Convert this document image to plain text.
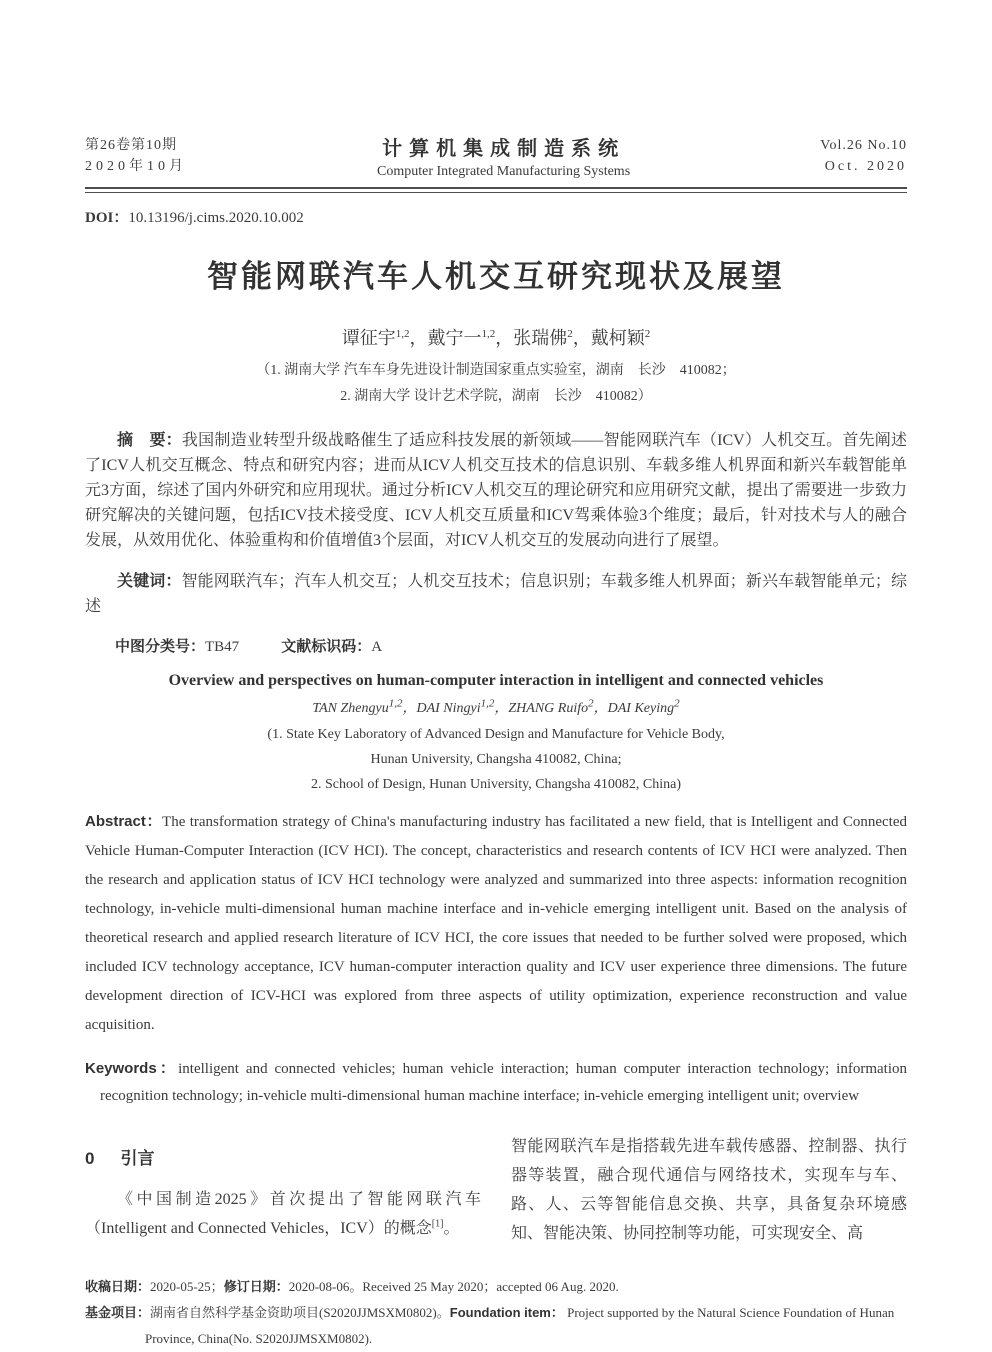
第26卷第10期
2020年10月
计算机集成制造系统
Computer Integrated Manufacturing Systems
Vol.26 No.10
Oct. 2020
DOI：10.13196/j.cims.2020.10.002
智能网联汽车人机交互研究现状及展望
谭征宇$^{1,2}$，戴宁一$^{1,2}$，张瑞佛$^2$，戴柯颖$^2$
（1. 湖南大学 汽车车身先进设计制造国家重点实验室，湖南　长沙　410082；
2. 湖南大学 设计艺术学院，湖南　长沙　410082）

摘　要：我国制造业转型升级战略催生了适应科技发展的新领域——智能网联汽车（ICV）人机交互。首先阐述了ICV人机交互概念、特点和研究内容；进而从ICV人机交互技术的信息识别、车载多维人机界面和新兴车载智能单元3方面，综述了国内外研究和应用现状。通过分析ICV人机交互的理论研究和应用研究文献，提出了需要进一步致力研究解决的关键问题，包括ICV技术接受度、ICV人机交互质量和ICV驾乘体验3个维度；最后，针对技术与人的融合发展，从效用优化、体验重构和价值增值3个层面，对ICV人机交互的发展动向进行了展望。

关键词：智能网联汽车；汽车人机交互；人机交互技术；信息识别；车载多维人机界面；新兴车载智能单元；综述

中图分类号：TB47	文献标识码：A

Overview and perspectives on human-computer interaction in intelligent and connected vehicles
TAN Zhengyu$^{1,2}$，DAI Ningyi$^{1,2}$，ZHANG Ruifo$^2$，DAI Keying$^2$
(1. State Key Laboratory of Advanced Design and Manufacture for Vehicle Body,
Hunan University, Changsha 410082, China;
2. School of Design, Hunan University, Changsha 410082, China)

Abstract：The transformation strategy of China's manufacturing industry has facilitated a new field, that is Intelligent and Connected Vehicle Human-Computer Interaction (ICV HCI). The concept, characteristics and research contents of ICV HCI were analyzed. Then the research and application status of ICV HCI technology were analyzed and summarized into three aspects: information recognition technology, in-vehicle multi-dimensional human machine interface and in-vehicle emerging intelligent unit. Based on the analysis of theoretical research and applied research literature of ICV HCI, the core issues that needed to be further solved were proposed, which included ICV technology acceptance, ICV human-computer interaction quality and ICV user experience three dimensions. The future development direction of ICV-HCI was explored from three aspects of utility optimization, experience reconstruction and value acquisition.

Keywords：intelligent and connected vehicles; human vehicle interaction; human computer interaction technology; information recognition technology; in-vehicle multi-dimensional human machine interface; in-vehicle emerging intelligent unit; overview

0 引言

《中国制造2025》首次提出了智能网联汽车（Intelligent and Connected Vehicles，ICV）的概念[1]。

智能网联汽车是指搭载先进车载传感器、控制器、执行器等装置，融合现代通信与网络技术，实现车与车、路、人、云等智能信息交换、共享，具备复杂环境感知、智能决策、协同控制等功能，可实现安全、高

收稿日期：2020-05-25；修订日期：2020-08-06。Received 25 May 2020；accepted 06 Aug. 2020.
基金项目：湖南省自然科学基金资助项目(S2020JJMSXM0802)。Foundation item： Project supported by the Natural Science Foundation of Hunan Province, China(No. S2020JJMSXM0802).
